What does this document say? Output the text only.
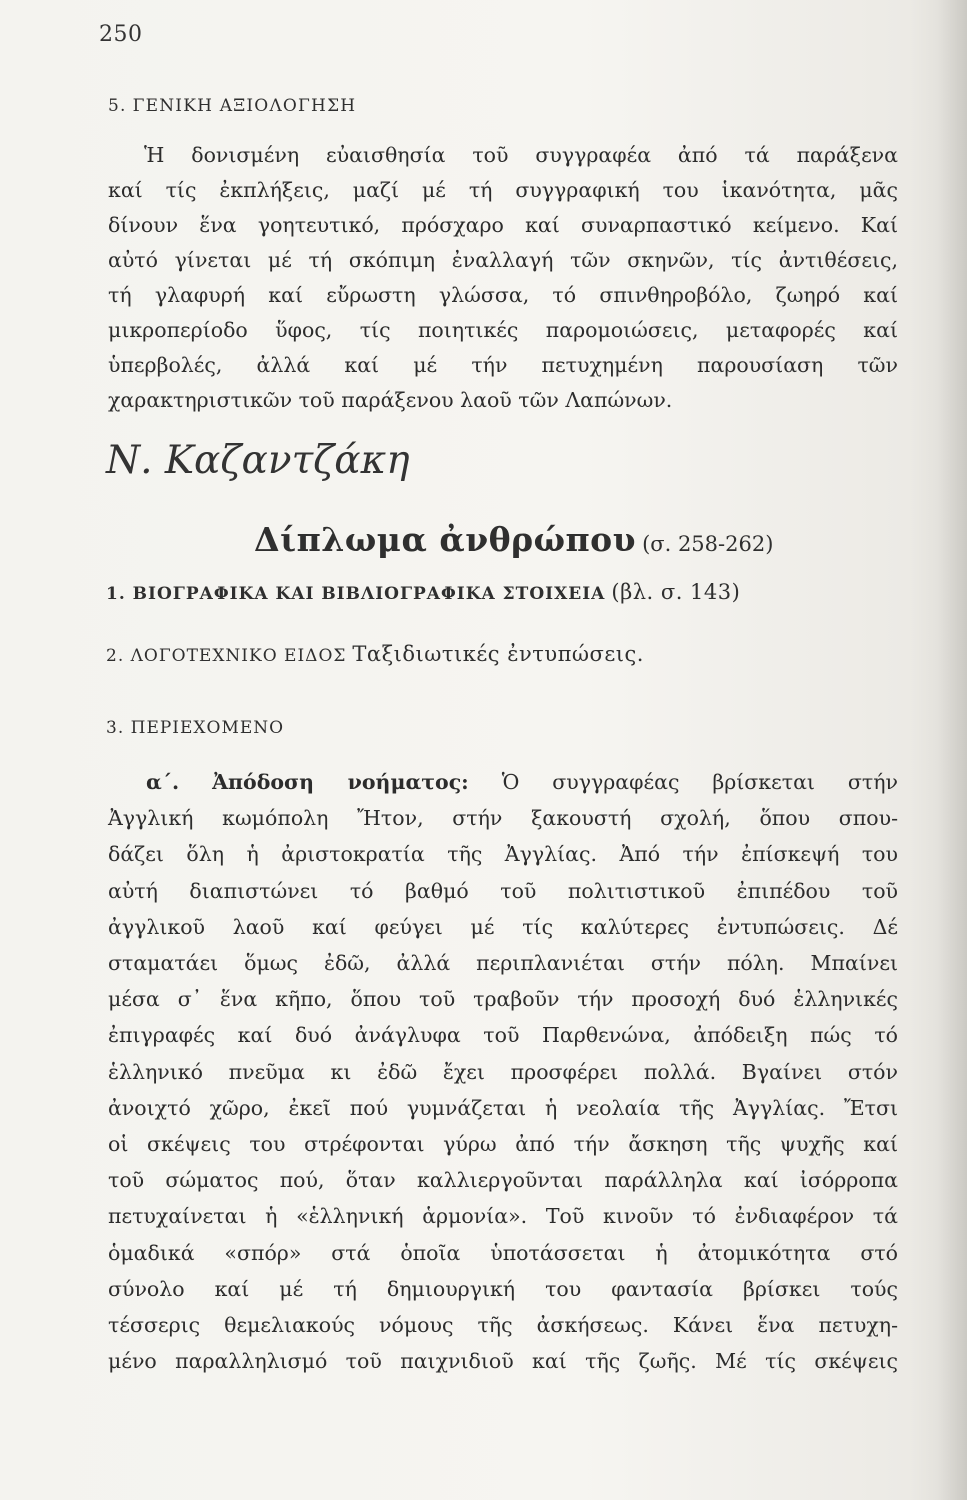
250
5. ΓΕΝΙΚΗ ΑΞΙΟΛΟΓΗΣΗ
Ἡ δονισμένη εὐαισθησία τοῦ συγγραφέα ἀπό τά παράξενα
καί τίς ἐκπλήξεις, μαζί μέ τή συγγραφική του ἱκανότητα, μᾶς
δίνουν ἕνα γοητευτικό, πρόσχαρο καί συναρπαστικό κείμενο. Καί
αὐτό γίνεται μέ τή σκόπιμη ἐναλλαγή τῶν σκηνῶν, τίς ἀντιθέσεις,
τή γλαφυρή καί εὔρωστη γλώσσα, τό σπινθηροβόλο, ζωηρό καί
μικροπερίοδο ὕφος, τίς ποιητικές παρομοιώσεις, μεταφορές καί
ὑπερβολές, ἀλλά καί μέ τήν πετυχημένη παρουσίαση τῶν
χαρακτηριστικῶν τοῦ παράξενου λαοῦ τῶν Λαπώνων.
Ν. Καζαντζάκη
Δίπλωμα ἀνθρώπου (σ. 258-262)
1. ΒΙΟΓΡΑΦΙΚΑ ΚΑΙ ΒΙΒΛΙΟΓΡΑΦΙΚΑ ΣΤΟΙΧΕΙΑ (βλ. σ. 143)
2. ΛΟΓΟΤΕΧΝΙΚΟ ΕΙΔΟΣ Ταξιδιωτικές ἐντυπώσεις.
3. ΠΕΡΙΕΧΟΜΕΝΟ
α΄. Ἀπόδοση νοήματος: Ὁ συγγραφέας βρίσκεται στήν
Ἀγγλική κωμόπολη Ἤτον, στήν ξακουστή σχολή, ὅπου σπου-
δάζει ὅλη ἡ ἀριστοκρατία τῆς Ἀγγλίας. Ἀπό τήν ἐπίσκεψή του
αὐτή διαπιστώνει τό βαθμό τοῦ πολιτιστικοῦ ἐπιπέδου τοῦ
ἀγγλικοῦ λαοῦ καί φεύγει μέ τίς καλύτερες ἐντυπώσεις. Δέ
σταματάει ὅμως ἐδῶ, ἀλλά περιπλανιέται στήν πόλη. Μπαίνει
μέσα σ᾽ ἕνα κῆπο, ὅπου τοῦ τραβοῦν τήν προσοχή δυό ἑλληνικές
ἐπιγραφές καί δυό ἀνάγλυφα τοῦ Παρθενώνα, ἀπόδειξη πώς τό
ἑλληνικό πνεῦμα κι ἐδῶ ἔχει προσφέρει πολλά. Βγαίνει στόν
ἀνοιχτό χῶρο, ἐκεῖ πού γυμνάζεται ἡ νεολαία τῆς Ἀγγλίας. Ἔτσι
οἱ σκέψεις του στρέφονται γύρω ἀπό τήν ἄσκηση τῆς ψυχῆς καί
τοῦ σώματος πού, ὅταν καλλιεργοῦνται παράλληλα καί ἰσόρροπα
πετυχαίνεται ἡ «ἑλληνική ἁρμονία». Τοῦ κινοῦν τό ἐνδιαφέρον τά
ὁμαδικά «σπόρ» στά ὁποῖα ὑποτάσσεται ἡ ἀτομικότητα στό
σύνολο καί μέ τή δημιουργική του φαντασία βρίσκει τούς
τέσσερις θεμελιακούς νόμους τῆς ἀσκήσεως. Κάνει ἕνα πετυχη-
μένο παραλληλισμό τοῦ παιχνιδιοῦ καί τῆς ζωῆς. Μέ τίς σκέψεις
